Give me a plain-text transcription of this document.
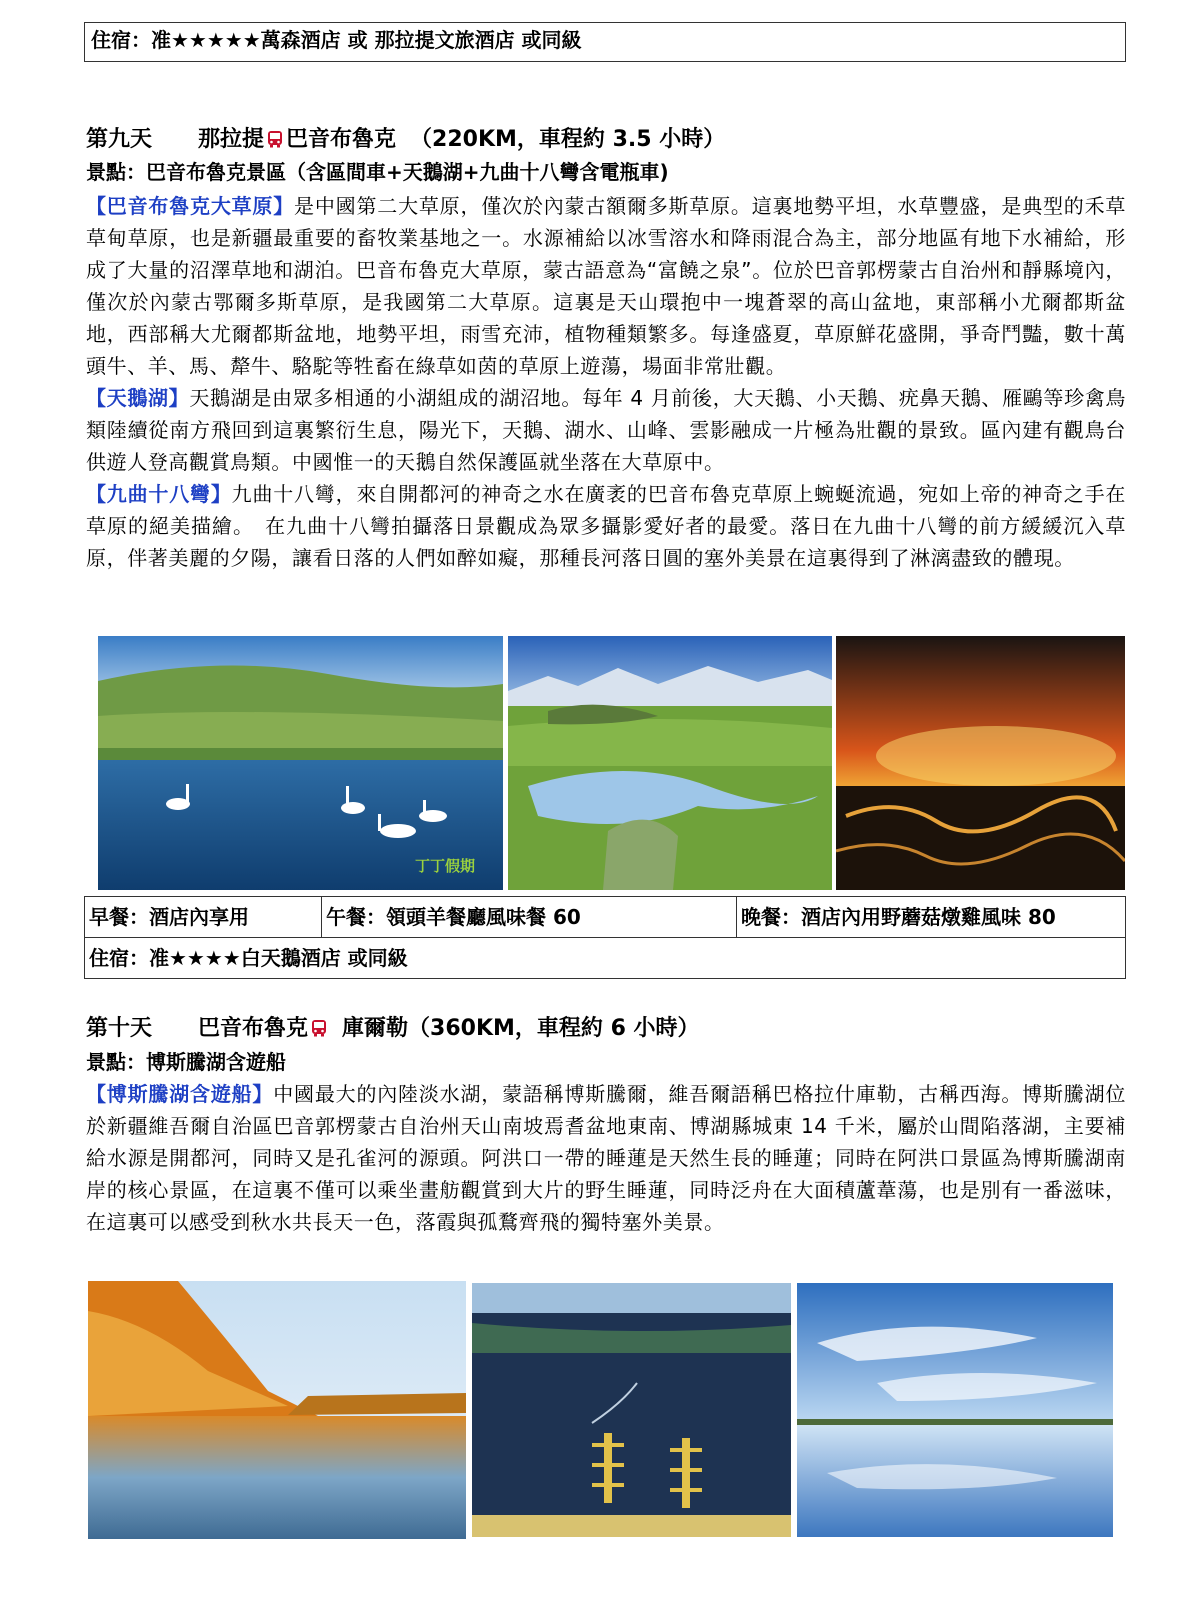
住宿：准★★★★★萬森酒店 或 那拉提文旅酒店 或同級
第九天 那拉提 巴音布魯克 （220KM，車程約 3.5 小時）
景點：巴音布魯克景區（含區間車+天鵝湖+九曲十八彎含電瓶車)
【巴音布魯克大草原】是中國第二大草原，僅次於內蒙古額爾多斯草原。這裏地勢平坦，水草豐盛，是典型的禾草草甸草原，也是新疆最重要的畜牧業基地之一。水源補給以冰雪溶水和降雨混合為主，部分地區有地下水補給，形成了大量的沼澤草地和湖泊。巴音布魯克大草原，蒙古語意為“富饒之泉”。位於巴音郭楞蒙古自治州和靜縣境內，僅次於內蒙古鄂爾多斯草原，是我國第二大草原。這裏是天山環抱中一塊蒼翠的高山盆地，東部稱小尤爾都斯盆地，西部稱大尤爾都斯盆地，地勢平坦，雨雪充沛，植物種類繁多。每逢盛夏，草原鮮花盛開，爭奇鬥豔，數十萬頭牛、羊、馬、犛牛、駱駝等牲畜在綠草如茵的草原上遊蕩，場面非常壯觀。
【天鵝湖】天鵝湖是由眾多相通的小湖組成的湖沼地。每年 4 月前後，大天鵝、小天鵝、疣鼻天鵝、雁鷗等珍禽鳥類陸續從南方飛回到這裏繁衍生息，陽光下，天鵝、湖水、山峰、雲影融成一片極為壯觀的景致。區內建有觀鳥台供遊人登高觀賞鳥類。中國惟一的天鵝自然保護區就坐落在大草原中。
【九曲十八彎】九曲十八彎，來自開都河的神奇之水在廣袤的巴音布魯克草原上蜿蜒流過，宛如上帝的神奇之手在草原的絕美描繪。　在九曲十八彎拍攝落日景觀成為眾多攝影愛好者的最愛。落日在九曲十八彎的前方緩緩沉入草原，伴著美麗的夕陽，讓看日落的人們如醉如癡，那種長河落日圓的塞外美景在這裏得到了淋漓盡致的體現。
丁丁假期
早餐：酒店內享用	午餐：領頭羊餐廳風味餐 60	晚餐：酒店內用野蘑菇燉雞風味 80
住宿：准★★★★白天鵝酒店 或同級
第十天 巴音布魯克 庫爾勒（360KM，車程約 6 小時）
景點：博斯騰湖含遊船
【博斯騰湖含遊船】中國最大的內陸淡水湖，蒙語稱博斯騰爾，維吾爾語稱巴格拉什庫勒，古稱西海。博斯騰湖位於新疆維吾爾自治區巴音郭楞蒙古自治州天山南坡焉耆盆地東南、博湖縣城東 14 千米，屬於山間陷落湖，主要補給水源是開都河，同時又是孔雀河的源頭。阿洪口一帶的睡蓮是天然生長的睡蓮；同時在阿洪口景區為博斯騰湖南岸的核心景區，在這裏不僅可以乘坐畫舫觀賞到大片的野生睡蓮，同時泛舟在大面積蘆葦蕩，也是別有一番滋味，在這裏可以感受到秋水共長天一色，落霞與孤鶩齊飛的獨特塞外美景。
